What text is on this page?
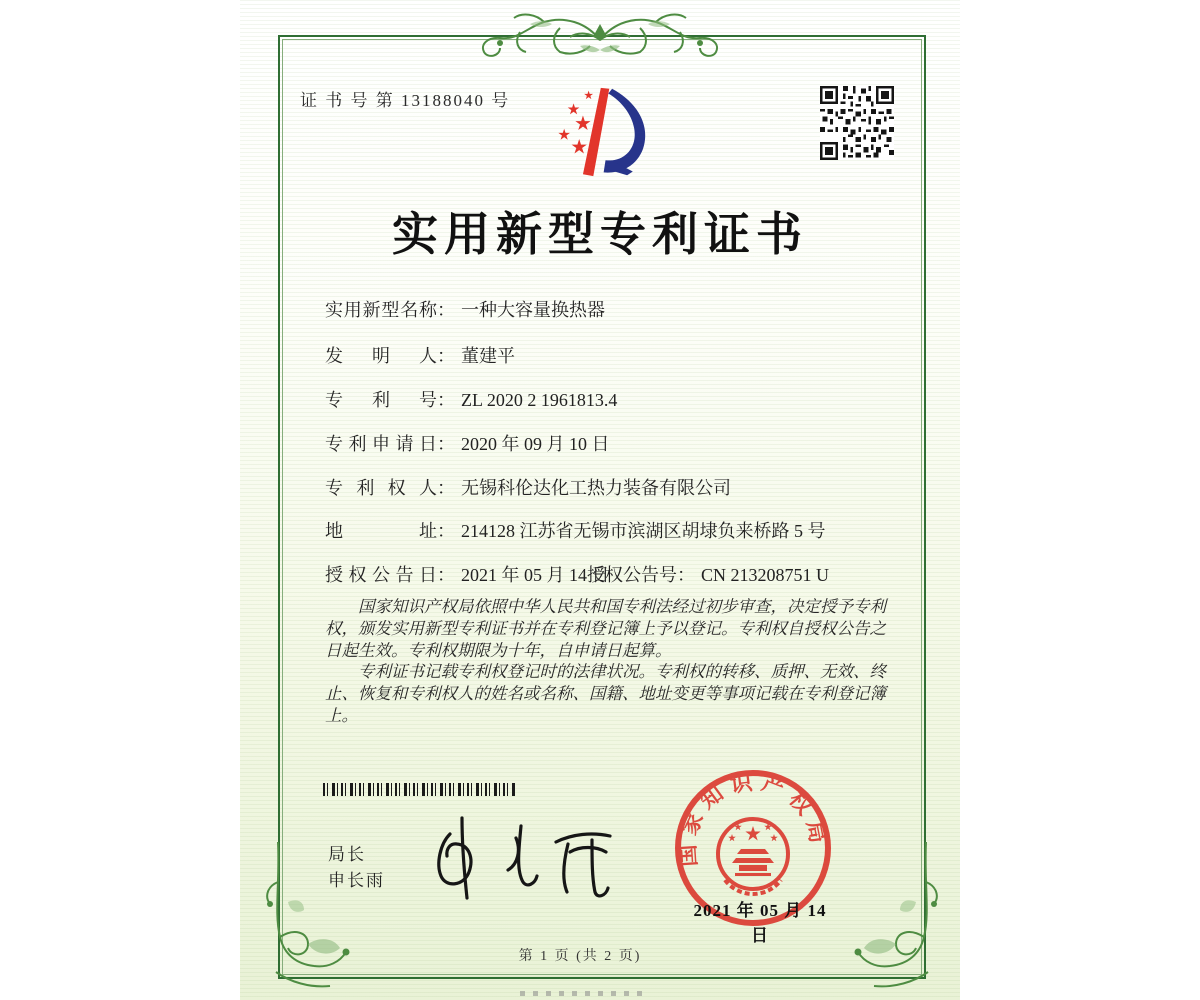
证 书 号 第 13188040 号
实用新型专利证书
实用新型名称： 一种大容量换热器
发明人： 董建平
专利号： ZL 2020 2 1961813.4
专利申请日： 2020 年 09 月 10 日
专利权人： 无锡科伦达化工热力装备有限公司
地址： 214128 江苏省无锡市滨湖区胡埭负来桥路 5 号
授权公告日： 2021 年 05 月 14 日
授权公告号： CN 213208751 U

国家知识产权局依照中华人民共和国专利法经过初步审查，决定授予专利权，颁发实用新型专利证书并在专利登记簿上予以登记。专利权自授权公告之日起生效。专利权期限为十年，自申请日起算。

专利证书记载专利权登记时的法律状况。专利权的转移、质押、无效、终止、恢复和专利权人的姓名或名称、国籍、地址变更等事项记载在专利登记簿上。

局长
申长雨
国家知识产权局
2021 年 05 月 14 日
第 1 页 (共 2 页)
